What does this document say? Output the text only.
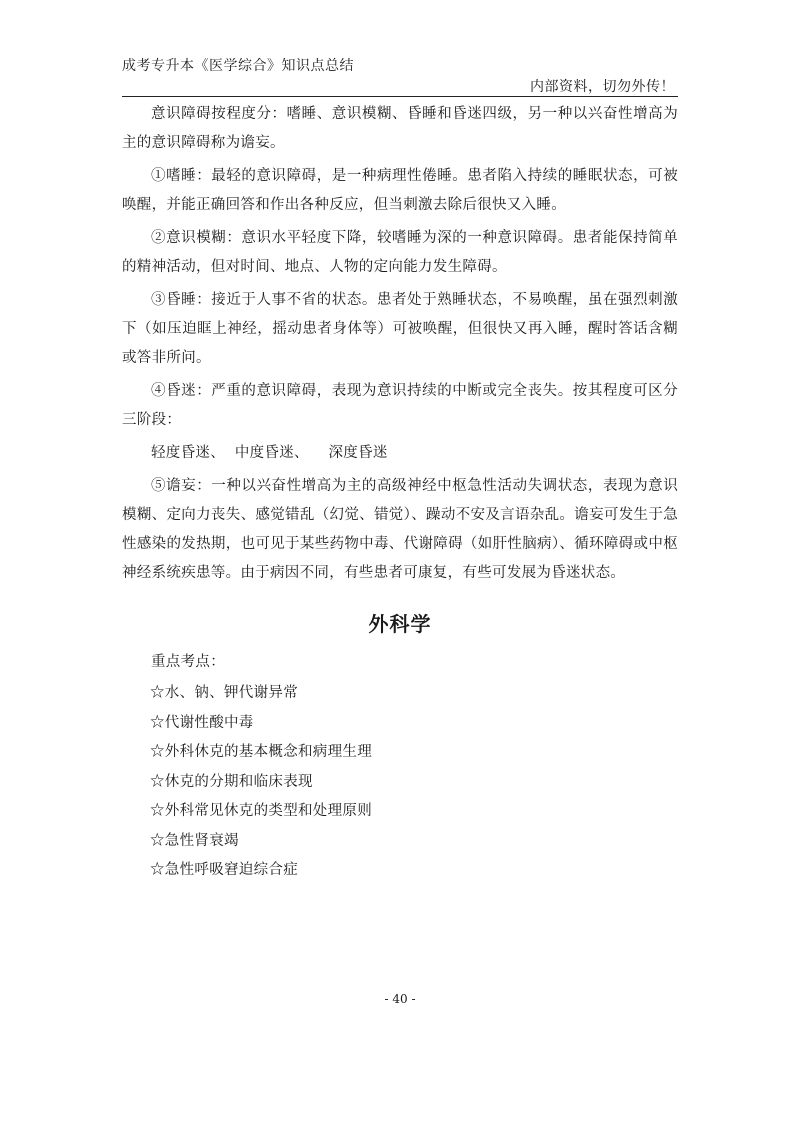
成考专升本《医学综合》知识点总结
内部资料，切勿外传！

意识障碍按程度分：嗜睡、意识模糊、昏睡和昏迷四级，另一种以兴奋性增高为主的意识障碍称为谵妄。

①嗜睡：最轻的意识障碍，是一种病理性倦睡。患者陷入持续的睡眠状态，可被唤醒，并能正确回答和作出各种反应，但当刺激去除后很快又入睡。

②意识模糊：意识水平轻度下降，较嗜睡为深的一种意识障碍。患者能保持简单的精神活动，但对时间、地点、人物的定向能力发生障碍。

③昏睡：接近于人事不省的状态。患者处于熟睡状态，不易唤醒，虽在强烈刺激下（如压迫眶上神经，摇动患者身体等）可被唤醒，但很快又再入睡，醒时答话含糊或答非所问。

④昏迷：严重的意识障碍，表现为意识持续的中断或完全丧失。按其程度可区分三阶段：

轻度昏迷、  中度昏迷、    深度昏迷

⑤谵妄：一种以兴奋性增高为主的高级神经中枢急性活动失调状态，表现为意识模糊、定向力丧失、感觉错乱（幻觉、错觉）、躁动不安及言语杂乱。谵妄可发生于急性感染的发热期，也可见于某些药物中毒、代谢障碍（如肝性脑病）、循环障碍或中枢神经系统疾患等。由于病因不同，有些患者可康复，有些可发展为昏迷状态。

外科学
重点考点：
☆水、钠、钾代谢异常
☆代谢性酸中毒
☆外科休克的基本概念和病理生理
☆休克的分期和临床表现
☆外科常见休克的类型和处理原则
☆急性肾衰竭
☆急性呼吸窘迫综合症
- 40 -
